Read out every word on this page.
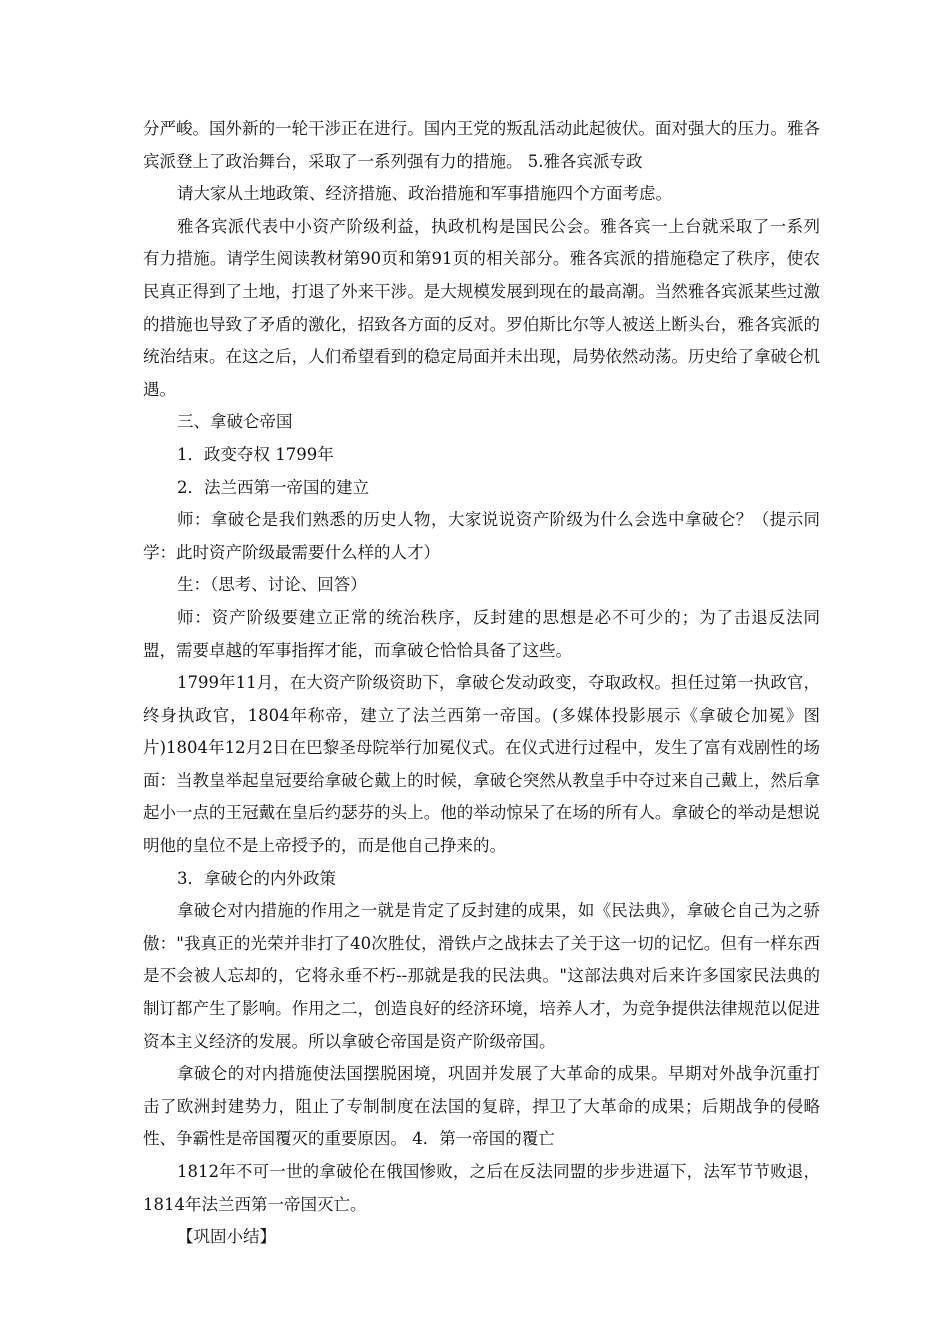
分严峻。国外新的一轮干涉正在进行。国内王党的叛乱活动此起彼伏。面对强大的压力。雅各宾派登上了政治舞台，采取了一系列强有力的措施。 5.雅各宾派专政

请大家从土地政策、经济措施、政治措施和军事措施四个方面考虑。

雅各宾派代表中小资产阶级利益，执政机构是国民公会。雅各宾一上台就采取了一系列有力措施。请学生阅读教材第90页和第91页的相关部分。雅各宾派的措施稳定了秩序，使农民真正得到了土地，打退了外来干涉。是大规模发展到现在的最高潮。当然雅各宾派某些过激的措施也导致了矛盾的激化，招致各方面的反对。罗伯斯比尔等人被送上断头台，雅各宾派的统治结束。在这之后，人们希望看到的稳定局面并未出现，局势依然动荡。历史给了拿破仑机遇。

三、拿破仑帝国

1．政变夺权 1799年

2．法兰西第一帝国的建立

师：拿破仑是我们熟悉的历史人物，大家说说资产阶级为什么会选中拿破仑？（提示同学：此时资产阶级最需要什么样的人才）

生：（思考、讨论、回答）

师：资产阶级要建立正常的统治秩序，反封建的思想是必不可少的；为了击退反法同盟，需要卓越的军事指挥才能，而拿破仑恰恰具备了这些。

1799年11月，在大资产阶级资助下，拿破仑发动政变，夺取政权。担任过第一执政官，终身执政官，1804年称帝，建立了法兰西第一帝国。(多媒体投影展示《拿破仑加冕》图片)1804年12月2日在巴黎圣母院举行加冕仪式。在仪式进行过程中，发生了富有戏剧性的场面：当教皇举起皇冠要给拿破仑戴上的时候，拿破仑突然从教皇手中夺过来自己戴上，然后拿起小一点的王冠戴在皇后约瑟芬的头上。他的举动惊呆了在场的所有人。拿破仑的举动是想说明他的皇位不是上帝授予的，而是他自己挣来的。

3．拿破仑的内外政策

拿破仑对内措施的作用之一就是肯定了反封建的成果，如《民法典》，拿破仑自己为之骄傲："我真正的光荣并非打了40次胜仗，滑铁卢之战抹去了关于这一切的记忆。但有一样东西是不会被人忘却的，它将永垂不朽--那就是我的民法典。"这部法典对后来许多国家民法典的制订都产生了影响。作用之二，创造良好的经济环境，培养人才，为竞争提供法律规范以促进资本主义经济的发展。所以拿破仑帝国是资产阶级帝国。

拿破仑的对内措施使法国摆脱困境，巩固并发展了大革命的成果。早期对外战争沉重打击了欧洲封建势力，阻止了专制制度在法国的复辟，捍卫了大革命的成果；后期战争的侵略性、争霸性是帝国覆灭的重要原因。 4．第一帝国的覆亡

1812年不可一世的拿破伦在俄国惨败，之后在反法同盟的步步进逼下，法军节节败退，1814年法兰西第一帝国灭亡。

【巩固小结】
